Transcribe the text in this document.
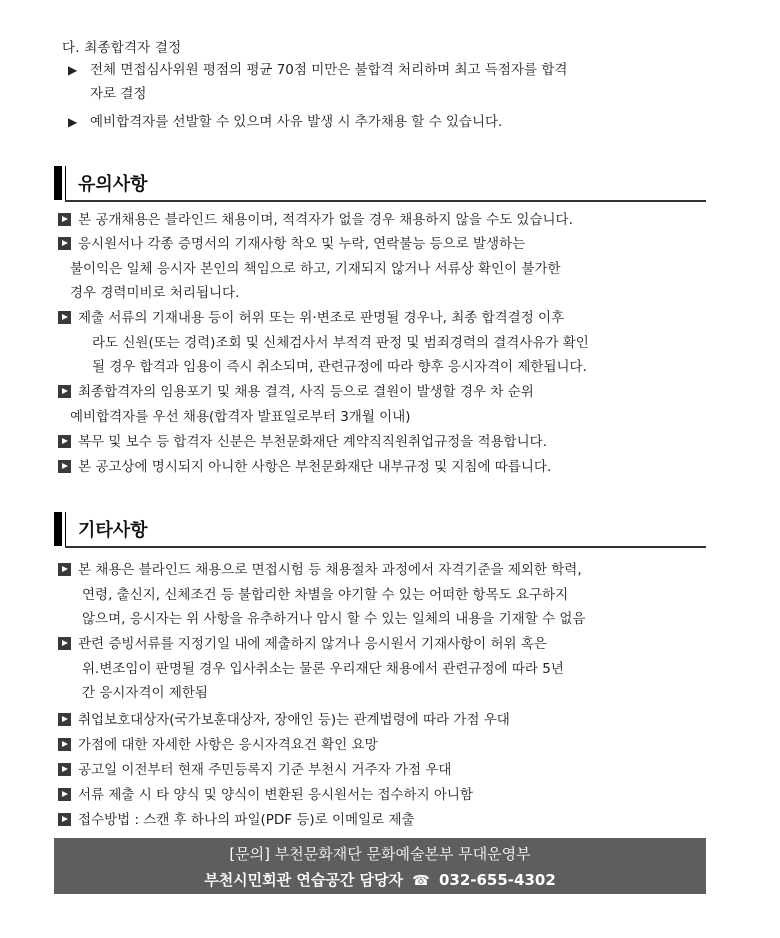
다. 최종합격자 결정
▶ 전체 면접심사위원 평점의 평균 70점 미만은 불합격 처리하며 최고 득점자를 합격
자로 결정
▶ 예비합격자를 선발할 수 있으며 사유 발생 시 추가채용 할 수 있습니다.
유의사항
본 공개채용은 블라인드 채용이며, 적격자가 없을 경우 채용하지 않을 수도 있습니다.
응시원서나 각종 증명서의 기재사항 착오 및 누락, 연락불능 등으로 발생하는
불이익은 일체 응시자 본인의 책임으로 하고, 기재되지 않거나 서류상 확인이 불가한
경우 경력미비로 처리됩니다.
제출 서류의 기재내용 등이 허위 또는 위·변조로 판명될 경우나, 최종 합격결정 이후
라도 신원(또는 경력)조회 및 신체검사서 부적격 판정 및 범죄경력의 결격사유가 확인
될 경우 합격과 임용이 즉시 취소되며, 관련규정에 따라 향후 응시자격이 제한됩니다.
최종합격자의 임용포기 및 채용 결격, 사직 등으로 결원이 발생할 경우 차 순위
예비합격자를 우선 채용(합격자 발표일로부터 3개월 이내)
복무 및 보수 등 합격자 신분은 부천문화재단 계약직직원취업규정을 적용합니다.
본 공고상에 명시되지 아니한 사항은 부천문화재단 내부규정 및 지침에 따릅니다.
기타사항
본 채용은 블라인드 채용으로 면접시험 등 채용절차 과정에서 자격기준을 제외한 학력,
연령, 출신지, 신체조건 등 불합리한 차별을 야기할 수 있는 어떠한 항목도 요구하지
않으며, 응시자는 위 사항을 유추하거나 암시 할 수 있는 일체의 내용을 기재할 수 없음
관련 증빙서류를 지정기일 내에 제출하지 않거나 응시원서 기재사항이 허위 혹은
위.변조임이 판명될 경우 입사취소는 물론 우리재단 채용에서 관련규정에 따라 5년
간 응시자격이 제한됨
취업보호대상자(국가보훈대상자, 장애인 등)는 관계법령에 따라 가점 우대
가점에 대한 자세한 사항은 응시자격요건 확인 요망
공고일 이전부터 현재 주민등록지 기준 부천시 거주자 가점 우대
서류 제출 시 타 양식 및 양식이 변환된 응시원서는 접수하지 아니함
접수방법 : 스캔 후 하나의 파일(PDF 등)로 이메일로 제출
[문의] 부천문화재단 문화예술본부 무대운영부
부천시민회관 연습공간 담당자 ☎ 032-655-4302
